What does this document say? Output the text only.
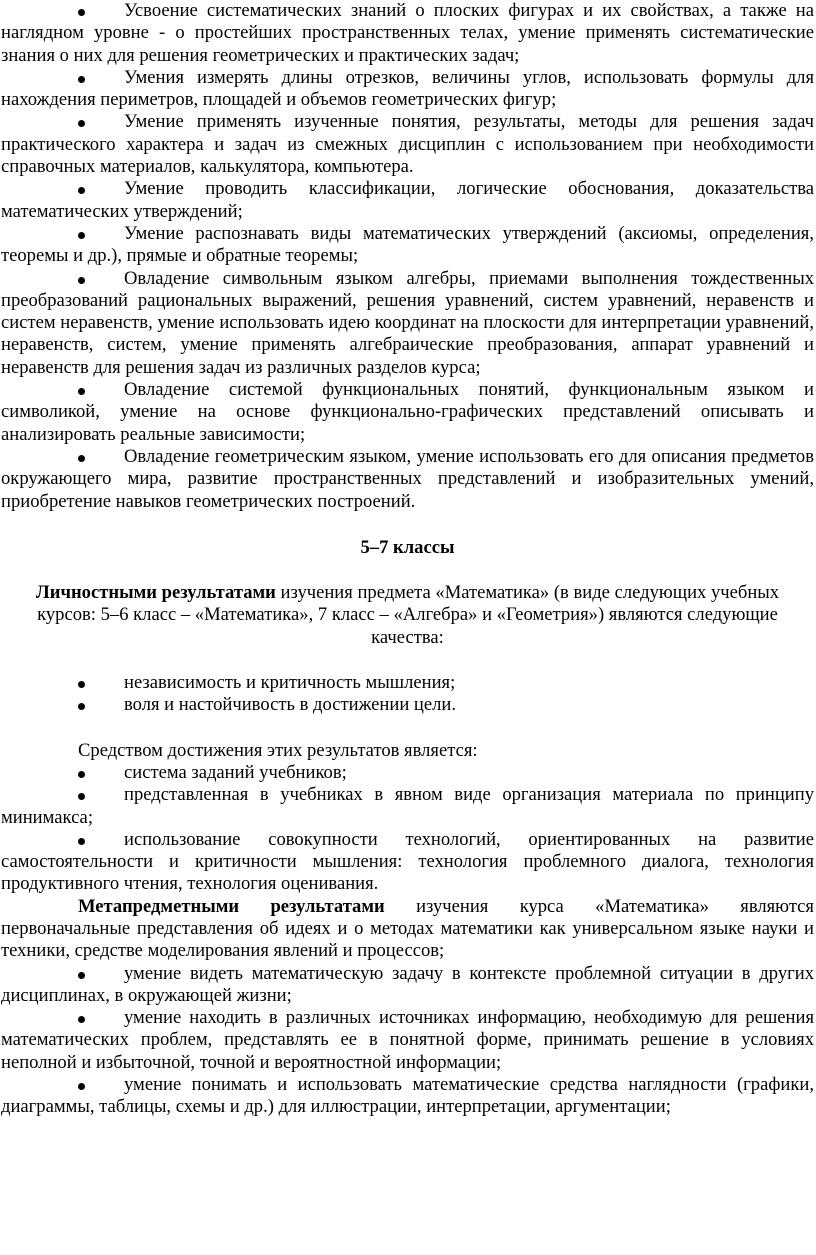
Усвоение систематических знаний о плоских фигурах и их свойствах, а также на наглядном уровне - о простейших пространственных телах, умение применять систематические знания о них для решения геометрических и практических задач;

Умения измерять длины отрезков, величины углов, использовать формулы для нахождения периметров, площадей и объемов геометрических фигур;

Умение применять изученные понятия, результаты, методы для решения задач практического характера и задач из смежных дисциплин с использованием при необходимости справочных материалов, калькулятора, компьютера.

Умение проводить классификации, логические обоснования, доказательства математических утверждений;

Умение распознавать виды математических утверждений (аксиомы, определения, теоремы и др.), прямые и обратные теоремы;

Овладение символьным языком алгебры, приемами выполнения тождественных преобразований рациональных выражений, решения уравнений, систем уравнений, неравенств и систем неравенств, умение использовать идею координат на плоскости для интерпретации уравнений, неравенств, систем, умение применять алгебраические преобразования, аппарат уравнений и неравенств для решения задач из различных разделов курса;

Овладение системой функциональных понятий, функциональным языком и символикой, умение на основе функционально-графических представлений описывать и анализировать реальные зависимости;

Овладение геометрическим языком, умение использовать его для описания предметов окружающего мира, развитие пространственных представлений и изобразительных умений, приобретение навыков геометрических построений.

5–7 классы

Личностными результатами изучения предмета «Математика» (в виде следующих учебных курсов: 5–6 класс – «Математика», 7 класс – «Алгебра» и «Геометрия») являются следующие качества:

независимость и критичность мышления;

воля и настойчивость в достижении цели.

Средством достижения этих результатов является:

система заданий учебников;

представленная в учебниках в явном виде организация материала по принципу минимакса;

использование совокупности технологий, ориентированных на развитие самостоятельности и критичности мышления: технология проблемного диалога, технология продуктивного чтения, технология оценивания.

Метапредметными результатами изучения курса «Математика» являются первоначальные представления об идеях и о методах математики как универсальном языке науки и техники, средстве моделирования явлений и процессов;

умение видеть математическую задачу в контексте проблемной ситуации в других дисциплинах, в окружающей жизни;

умение находить в различных источниках информацию, необходимую для решения математических проблем, представлять ее в понятной форме, принимать решение в условиях неполной и избыточной, точной и вероятностной информации;

умение понимать и использовать математические средства наглядности (графики, диаграммы, таблицы, схемы и др.) для иллюстрации, интерпретации, аргументации;
